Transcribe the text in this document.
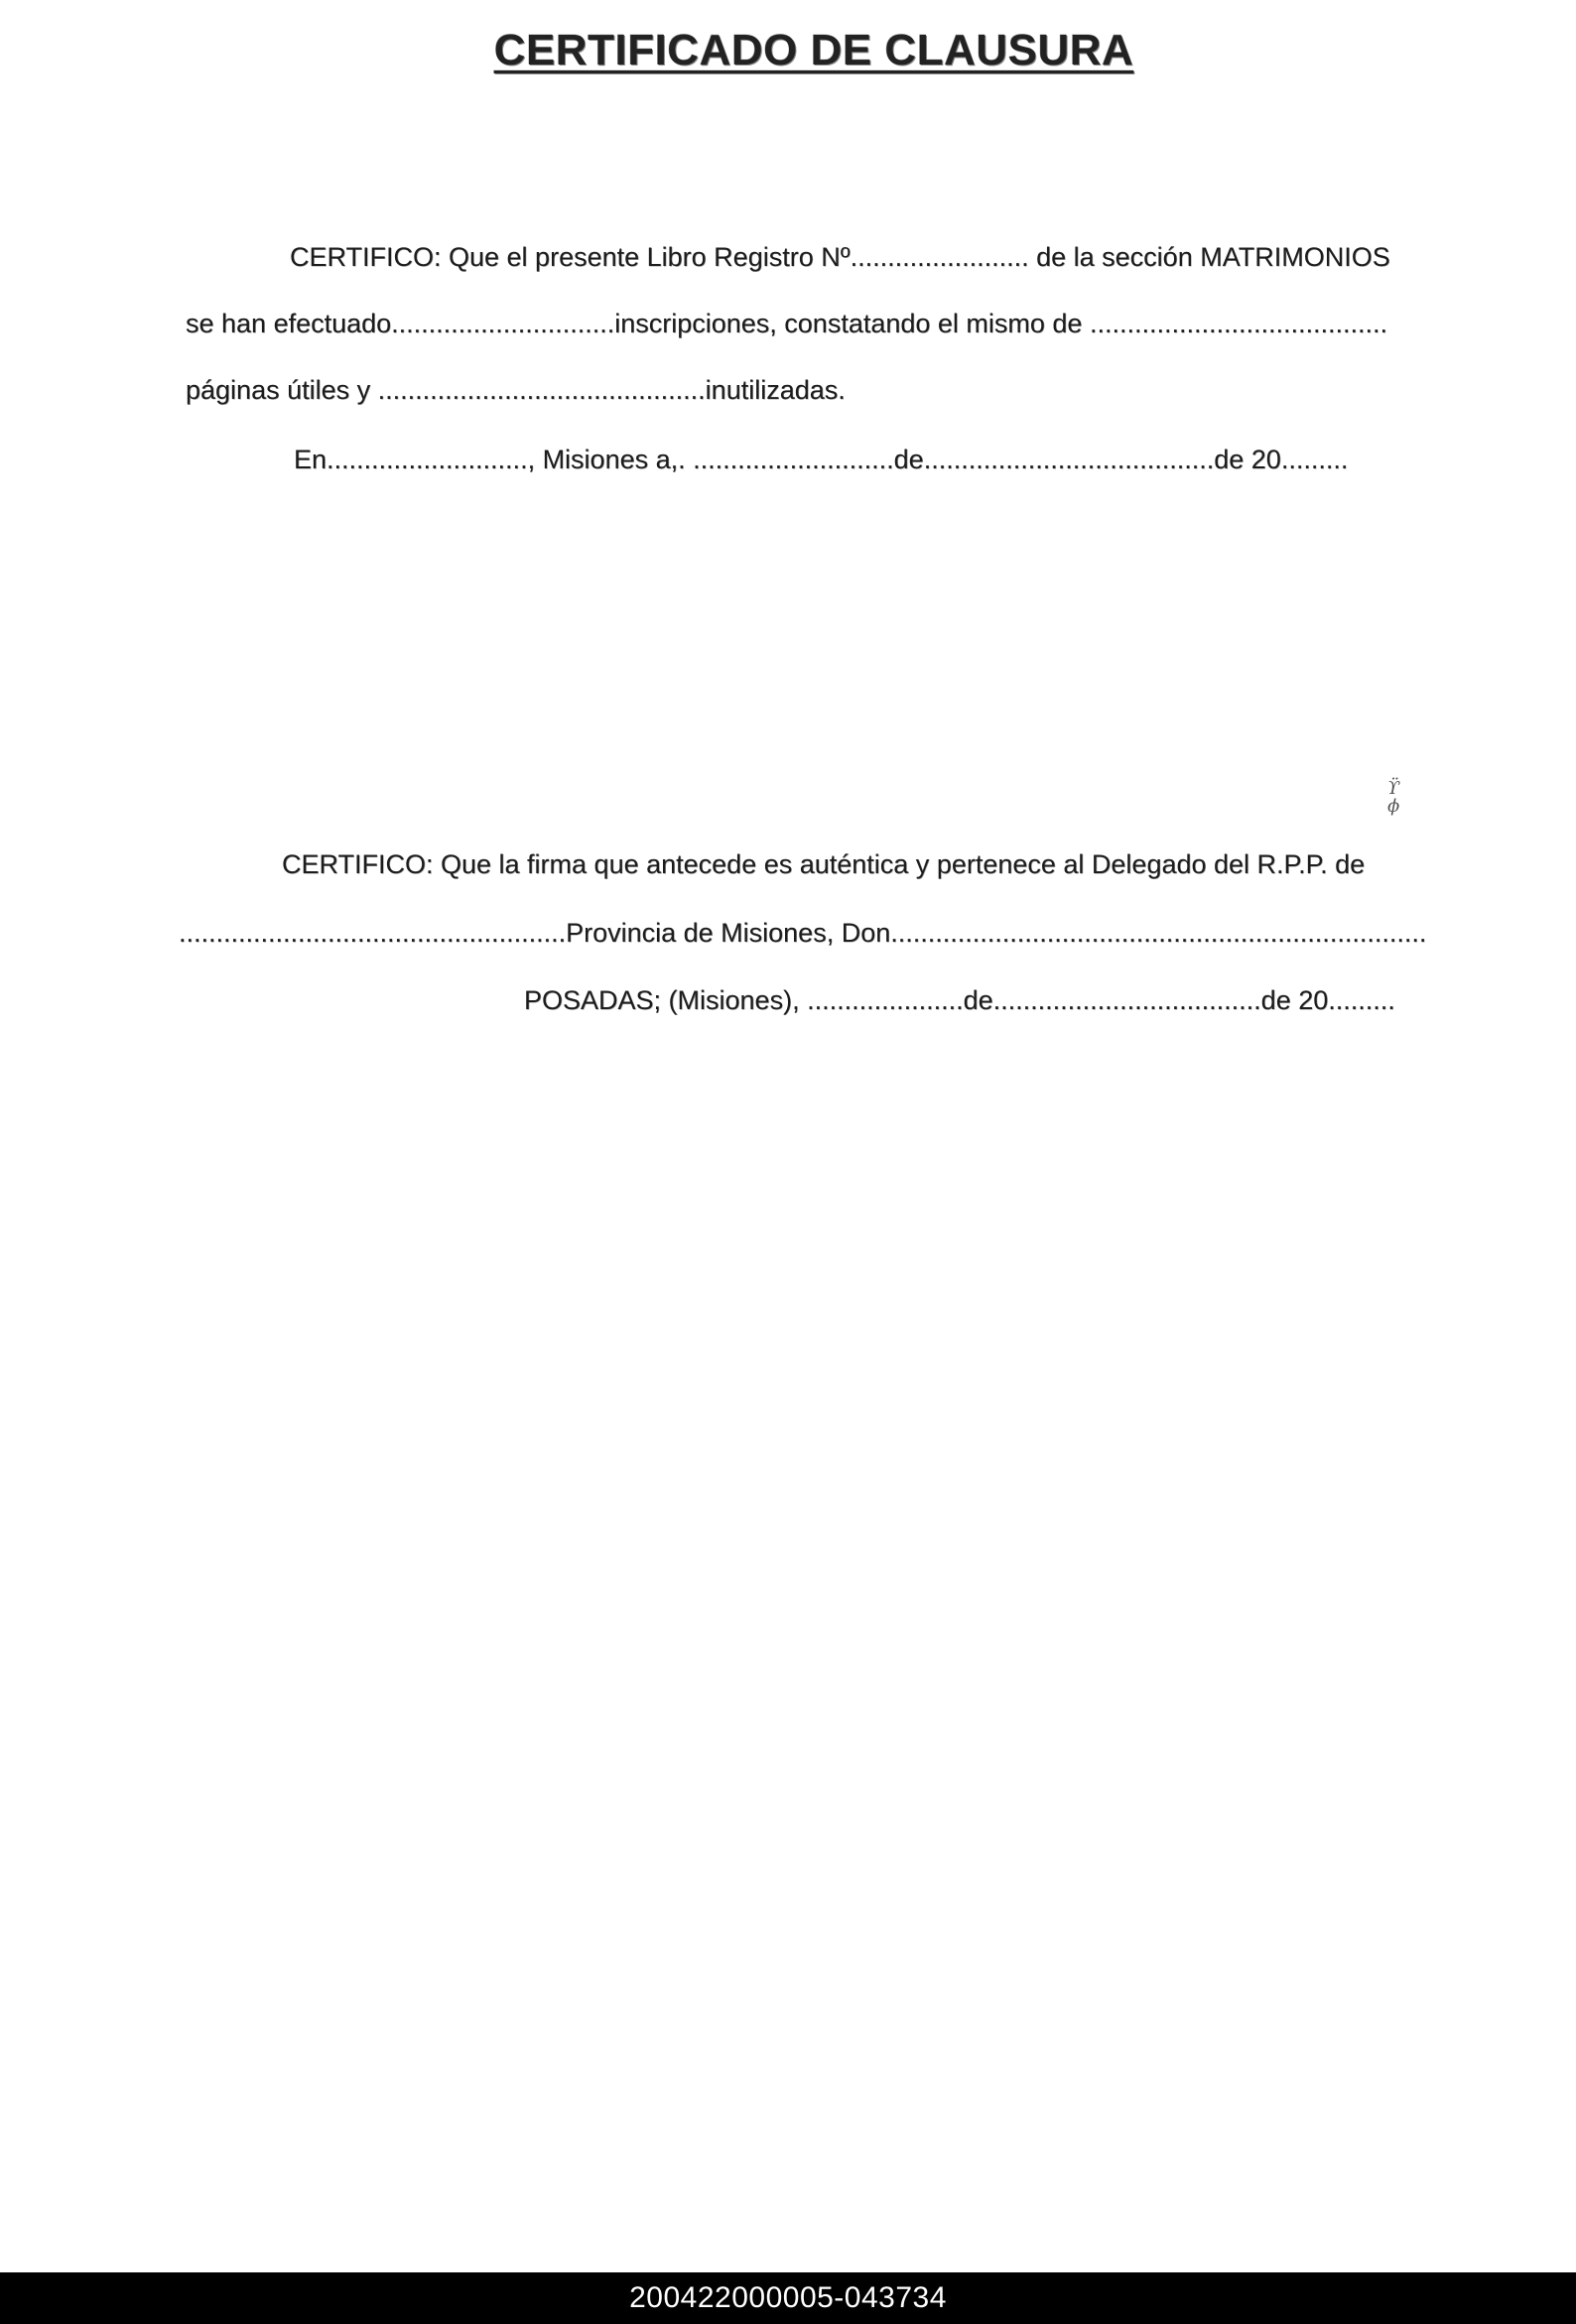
CERTIFICADO DE CLAUSURA
CERTIFICO: Que el presente Libro Registro Nº........................ de la sección MATRIMONIOS
se han efectuado..............................inscripciones, constatando el mismo de ........................................
páginas útiles y ............................................inutilizadas.
En..........................., Misiones a,. ...........................de.......................................de 20.........
ϔ
ϕ
CERTIFICO: Que la firma que antecede es auténtica y pertenece al Delegado del R.P.P. de
....................................................Provincia de Misiones, Don........................................................................
POSADAS; (Misiones), .....................de....................................de 20.........
200422000005-043734
